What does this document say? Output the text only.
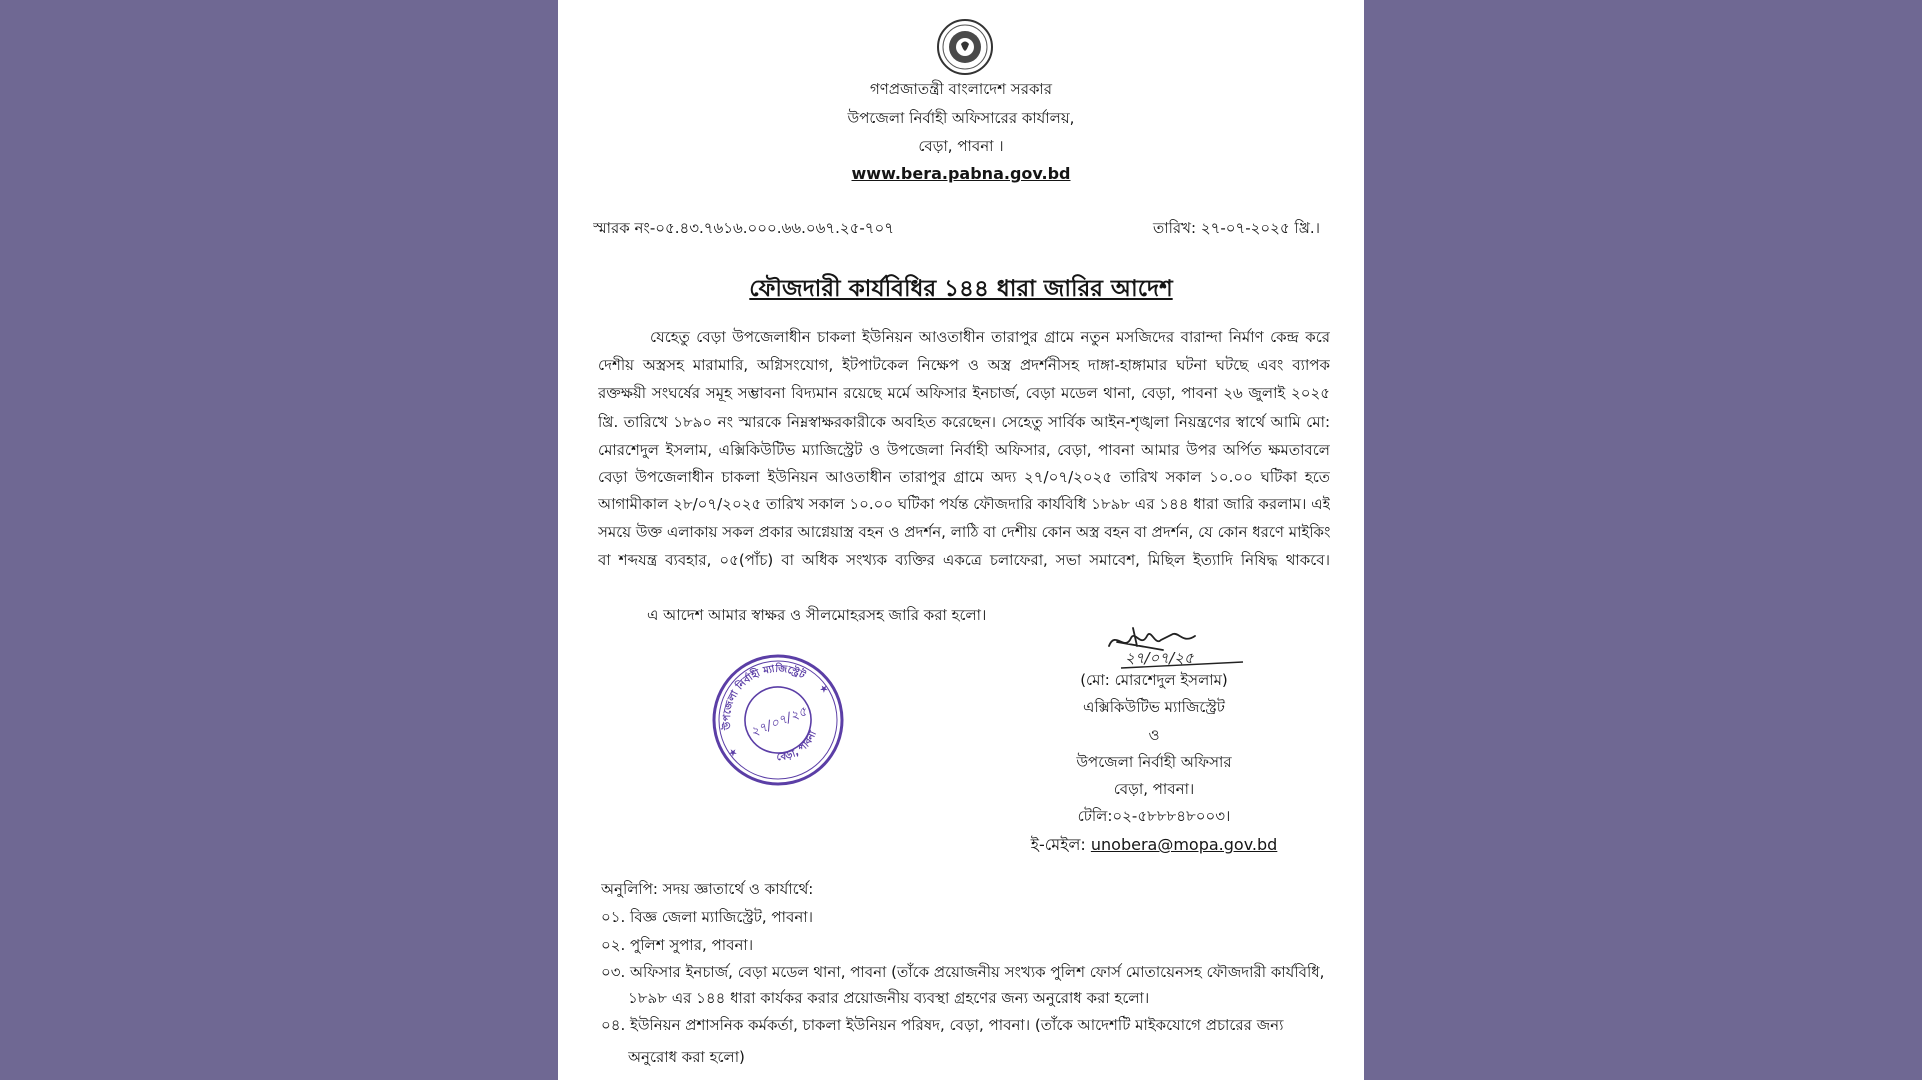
গণপ্রজাতন্ত্রী বাংলাদেশ সরকার
উপজেলা নির্বাহী অফিসারের কার্যালয়,
বেড়া, পাবনা ।
www.bera.pabna.gov.bd
স্মারক নং-০৫.৪৩.৭৬১৬.০০০.৬৬.০৬৭.২৫-৭০৭	তারিখ: ২৭-০৭-২০২৫ খ্রি.।
ফৌজদারী কার্যবিধির ১৪৪ ধারা জারির আদেশ
যেহেতু বেড়া উপজেলাধীন চাকলা ইউনিয়ন আওতাধীন তারাপুর গ্রামে নতুন মসজিদের বারান্দা নির্মাণ কেন্দ্র করে
দেশীয় অস্ত্রসহ মারামারি, অগ্নিসংযোগ, ইটপাটকেল নিক্ষেপ ও অস্ত্র প্রদর্শনীসহ দাঙ্গা-হাঙ্গামার ঘটনা ঘটছে এবং ব্যাপক
রক্তক্ষয়ী সংঘর্ষের সমূহ সম্ভাবনা বিদ্যমান রয়েছে মর্মে অফিসার ইনচার্জ, বেড়া মডেল থানা, বেড়া, পাবনা ২৬ জুলাই ২০২৫
খ্রি. তারিখে ১৮৯০ নং স্মারকে নিম্নস্বাক্ষরকারীকে অবহিত করেছেন। সেহেতু সার্বিক আইন-শৃঙ্খলা নিয়ন্ত্রণের স্বার্থে আমি মো:
মোরশেদুল ইসলাম, এক্সিকিউটিভ ম্যাজিস্ট্রেট ও উপজেলা নির্বাহী অফিসার, বেড়া, পাবনা আমার উপর অর্পিত ক্ষমতাবলে
বেড়া উপজেলাধীন চাকলা ইউনিয়ন আওতাধীন তারাপুর গ্রামে অদ্য ২৭/০৭/২০২৫ তারিখ সকাল ১০.০০ ঘটিকা হতে
আগামীকাল ২৮/০৭/২০২৫ তারিখ সকাল ১০.০০ ঘটিকা পর্যন্ত ফৌজদারি কার্যবিধি ১৮৯৮ এর ১৪৪ ধারা জারি করলাম। এই
সময়ে উক্ত এলাকায় সকল প্রকার আগ্নেয়াস্ত্র বহন ও প্রদর্শন, লাঠি বা দেশীয় কোন অস্ত্র বহন বা প্রদর্শন, যে কোন ধরণে মাইকিং
বা শব্দযন্ত্র ব্যবহার, ০৫(পাঁচ) বা অধিক সংখ্যক ব্যক্তির একত্রে চলাফেরা, সভা সমাবেশ, মিছিল ইত্যাদি নিষিদ্ধ থাকবে।
এ আদেশ আমার স্বাক্ষর ও সীলমোহরসহ জারি করা হলো।
উপজেলা নির্বাহী ম্যাজিস্ট্রেট
বেড়া, পাবনা
★
★
২৭/০৭/২৫
২৭/০৭/২৫
(মো: মোরশেদুল ইসলাম)
এক্সিকিউটিভ ম্যাজিস্ট্রেট
ও
উপজেলা নির্বাহী অফিসার
বেড়া, পাবনা।
টেলি:০২-৫৮৮৮৪৮০০৩।
ই-মেইল: unobera@mopa.gov.bd
অনুলিপি: সদয় জ্ঞাতার্থে ও কার্যার্থে:
০১. বিজ্ঞ জেলা ম্যাজিস্ট্রেট, পাবনা।
০২. পুলিশ সুপার, পাবনা।
০৩. অফিসার ইনচার্জ, বেড়া মডেল থানা, পাবনা (তাঁকে প্রয়োজনীয় সংখ্যক পুলিশ ফোর্স মোতায়েনসহ ফৌজদারী কার্যবিধি,
১৮৯৮ এর ১৪৪ ধারা কার্যকর করার প্রয়োজনীয় ব্যবস্থা গ্রহণের জন্য অনুরোধ করা হলো।
০৪. ইউনিয়ন প্রশাসনিক কর্মকর্তা, চাকলা ইউনিয়ন পরিষদ, বেড়া, পাবনা। (তাঁকে আদেশটি মাইকযোগে প্রচারের জন্য
অনুরোধ করা হলো)
